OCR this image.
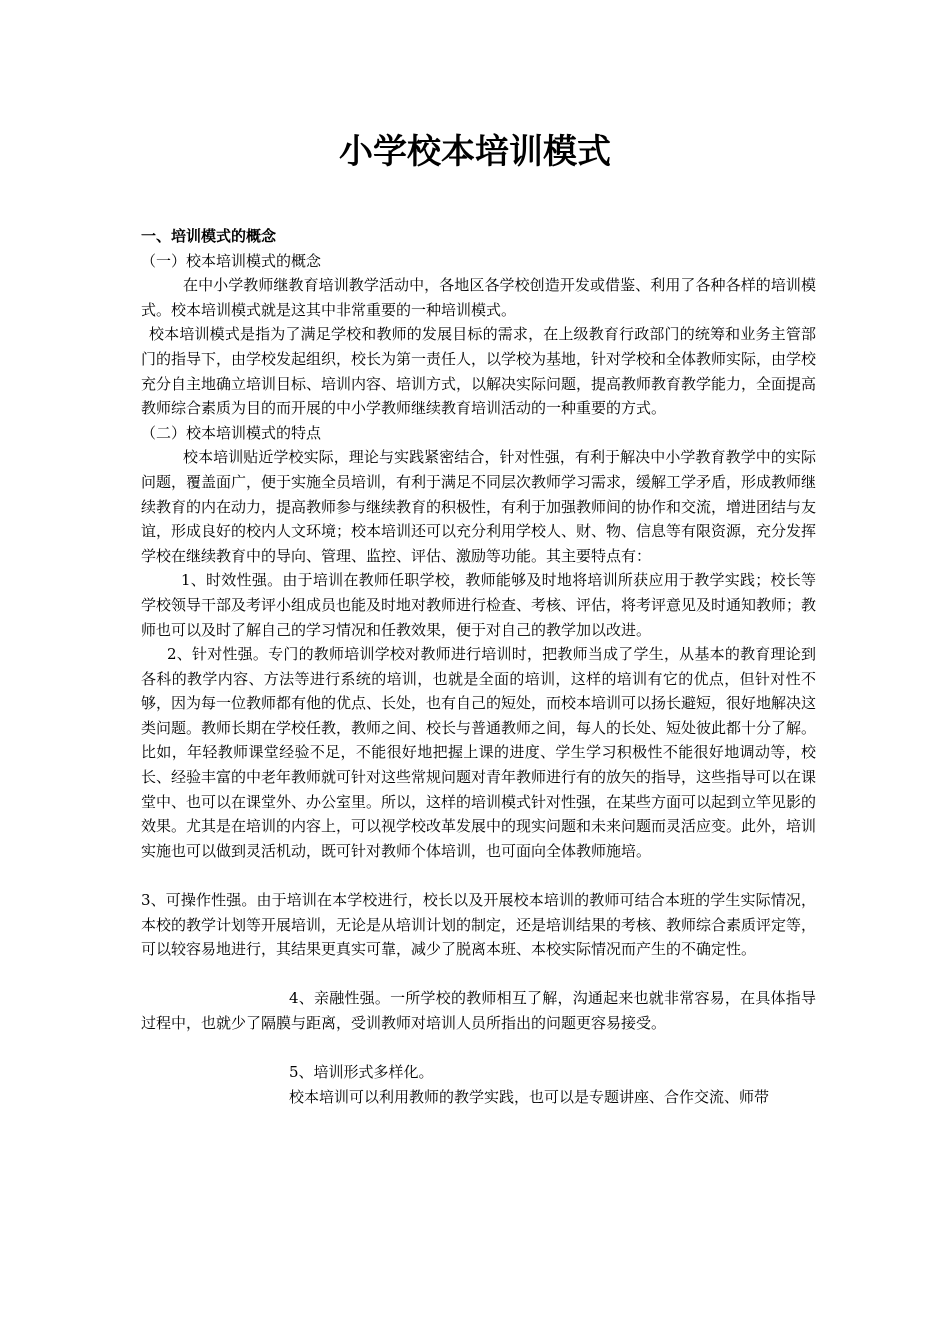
小学校本培训模式

一、培训模式的概念

（一）校本培训模式的概念

在中小学教师继教育培训教学活动中，各地区各学校创造开发或借鉴、利用了各种各样的培训模式。校本培训模式就是这其中非常重要的一种培训模式。

校本培训模式是指为了满足学校和教师的发展目标的需求，在上级教育行政部门的统筹和业务主管部门的指导下，由学校发起组织，校长为第一责任人，以学校为基地，针对学校和全体教师实际，由学校充分自主地确立培训目标、培训内容、培训方式，以解决实际问题，提高教师教育教学能力，全面提高教师综合素质为目的而开展的中小学教师继续教育培训活动的一种重要的方式。

（二）校本培训模式的特点

校本培训贴近学校实际，理论与实践紧密结合，针对性强，有利于解决中小学教育教学中的实际问题，覆盖面广，便于实施全员培训，有利于满足不同层次教师学习需求，缓解工学矛盾，形成教师继续教育的内在动力，提高教师参与继续教育的积极性，有利于加强教师间的协作和交流，增进团结与友谊，形成良好的校内人文环境；校本培训还可以充分利用学校人、财、物、信息等有限资源，充分发挥学校在继续教育中的导向、管理、监控、评估、激励等功能。其主要特点有：

1、时效性强。由于培训在教师任职学校，教师能够及时地将培训所获应用于教学实践；校长等学校领导干部及考评小组成员也能及时地对教师进行检查、考核、评估，将考评意见及时通知教师；教师也可以及时了解自己的学习情况和任教效果，便于对自己的教学加以改进。

2、针对性强。专门的教师培训学校对教师进行培训时，把教师当成了学生，从基本的教育理论到各科的教学内容、方法等进行系统的培训，也就是全面的培训，这样的培训有它的优点，但针对性不够，因为每一位教师都有他的优点、长处，也有自己的短处，而校本培训可以扬长避短，很好地解决这类问题。教师长期在学校任教，教师之间、校长与普通教师之间，每人的长处、短处彼此都十分了解。比如，年轻教师课堂经验不足，不能很好地把握上课的进度、学生学习积极性不能很好地调动等，校长、经验丰富的中老年教师就可针对这些常规问题对青年教师进行有的放矢的指导，这些指导可以在课堂中、也可以在课堂外、办公室里。所以，这样的培训模式针对性强，在某些方面可以起到立竿见影的效果。尤其是在培训的内容上，可以视学校改革发展中的现实问题和未来问题而灵活应变。此外，培训实施也可以做到灵活机动，既可针对教师个体培训，也可面向全体教师施培。

3、可操作性强。由于培训在本学校进行，校长以及开展校本培训的教师可结合本班的学生实际情况，本校的教学计划等开展培训，无论是从培训计划的制定，还是培训结果的考核、教师综合素质评定等，可以较容易地进行，其结果更真实可靠，减少了脱离本班、本校实际情况而产生的不确定性。

4、亲融性强。一所学校的教师相互了解，沟通起来也就非常容易，在具体指导过程中，也就少了隔膜与距离，受训教师对培训人员所指出的问题更容易接受。

5、培训形式多样化。

校本培训可以利用教师的教学实践，也可以是专题讲座、合作交流、师带
